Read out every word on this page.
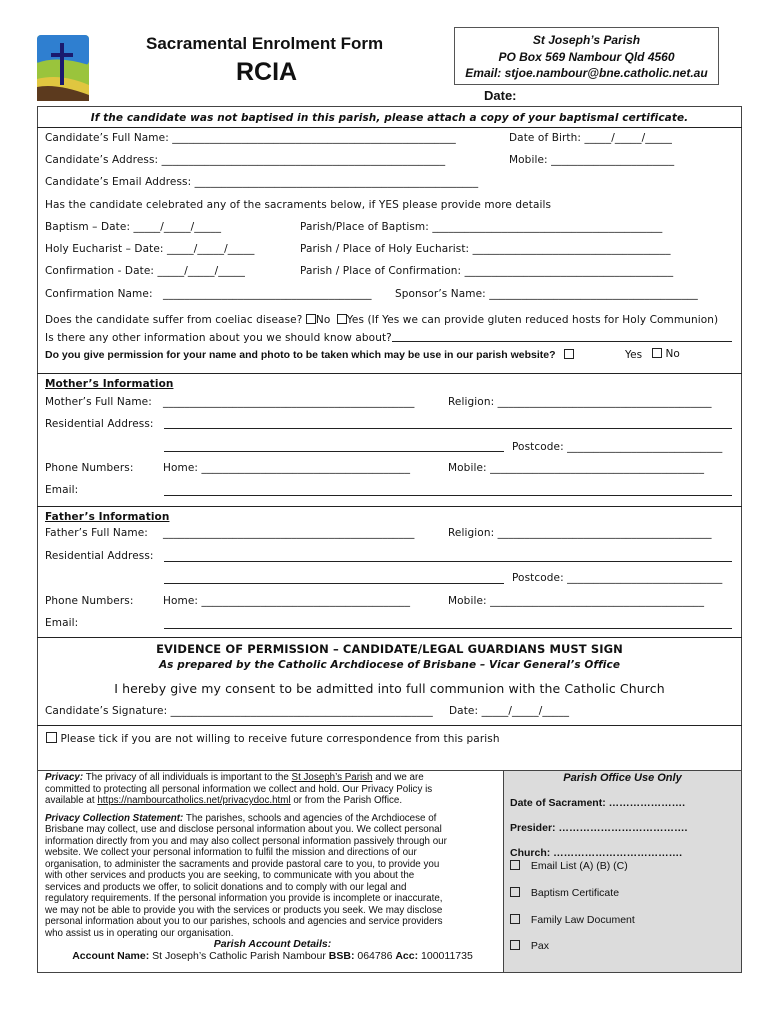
Sacramental Enrolment Form
RCIA
St Joseph’s Parish
PO Box 569 Nambour Qld 4560
Email: stjoe.nambour@bne.catholic.net.au
Date:
If the candidate was not baptised in this parish, please attach a copy of your baptismal certificate.
Candidate’s Full Name: _____________________________________________________	Date of Birth: _____/_____/_____
Candidate’s Address: _____________________________________________________	Mobile: _______________________
Candidate’s Email Address: _____________________________________________________
Has the candidate celebrated any of the sacraments below, if YES please provide more details
Baptism – Date: _____/_____/_____	Parish/Place of Baptism: ___________________________________________
Holy Eucharist – Date: _____/_____/_____	Parish / Place of Holy Eucharist: _____________________________________
Confirmation - Date: _____/_____/_____	Parish / Place of Confirmation: _______________________________________
Confirmation Name: _______________________________________ Sponsor’s Name: _______________________________________
Does the candidate suffer from coeliac disease? No Yes (If Yes we can provide gluten reduced hosts for Holy Communion)
Is there any other information about you we should know about?
Do you give permission for your name and photo to be taken which may be use in our parish website?	Yes	No
Mother’s Information
Mother’s Full Name: _______________________________________________	Religion: ________________________________________
Residential Address:
Postcode: _____________________________
Phone Numbers:	Home: _______________________________________	Mobile: ________________________________________
Email:
Father’s Information
Father’s Full Name: _______________________________________________	Religion: ________________________________________
Residential Address:
Postcode: _____________________________
Phone Numbers:	Home: _______________________________________	Mobile: ________________________________________
Email:
EVIDENCE OF PERMISSION – CANDIDATE/LEGAL GUARDIANS MUST SIGN
As prepared by the Catholic Archdiocese of Brisbane – Vicar General’s Office
I hereby give my consent to be admitted into full communion with the Catholic Church
Candidate’s Signature: _________________________________________________ Date: _____/_____/_____
Please tick if you are not willing to receive future correspondence from this parish
Privacy: The privacy of all individuals is important to the St Joseph’s Parish and we are
committed to protecting all personal information we collect and hold. Our Privacy Policy is
available at https://nambourcatholics.net/privacydoc.html or from the Parish Office.
Privacy Collection Statement: The parishes, schools and agencies of the Archdiocese of
Brisbane may collect, use and disclose personal information about you. We collect personal
information directly from you and may also collect personal information passively through our
website. We collect your personal information to fulfil the mission and directions of our
organisation, to administer the sacraments and provide pastoral care to you, to provide you
with other services and products you are seeking, to communicate with you about the
services and products we offer, to solicit donations and to comply with our legal and
regulatory requirements. If the personal information you provide is incomplete or inaccurate,
we may not be able to provide you with the services or products you seek. We may disclose
personal information about you to our parishes, schools and agencies and service providers
who assist us in operating our organisation.
Parish Account Details:
Account Name: St Joseph’s Catholic Parish Nambour BSB: 064786 Acc: 100011735
Parish Office Use Only
Date of Sacrament: ………………….
Presider: ……………………………….
Church: ……………………………….
Email List (A) (B) (C)
Baptism Certificate
Family Law Document
Pax
